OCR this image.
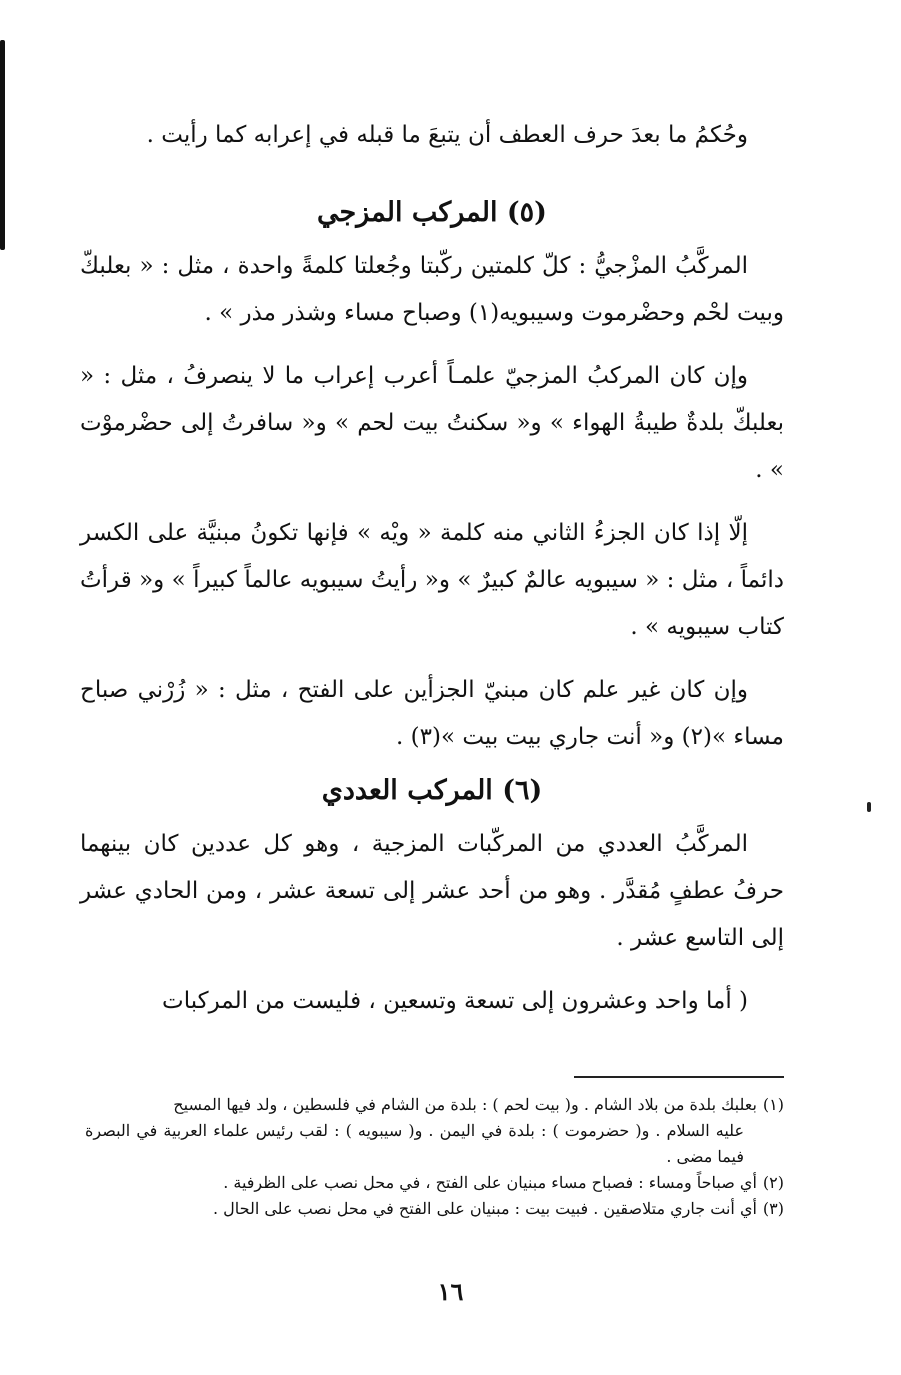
وحُكمُ ما بعدَ حرف العطف أن يتبعَ ما قبله في إعرابه كما رأيت .

(٥) المركب المزجي

المركَّبُ المزْجيُّ : كلّ كلمتين ركّبتا وجُعلتا كلمةً واحدة ، مثل : « بعلبكّ وبيت لحْم وحضْرموت وسيبويه(١) وصباح مساء وشذر مذر » .

وإن كان المركبُ المزجيّ علمـاً أعرب إعراب ما لا ينصرفُ ، مثل : « بعلبكّ بلدةٌ طيبةُ الهواء » و« سكنتُ بيت لحم » و« سافرتُ إلى حضْرموْت » .

إلّا إذا كان الجزءُ الثاني منه كلمة « ويْه » فإنها تكونُ مبنيَّة على الكسر دائماً ، مثل : « سيبويه عالمٌ كبيرٌ » و« رأيتُ سيبويه عالماً كبيراً » و« قرأتُ كتاب سيبويه » .

وإن كان غير علم كان مبنيّ الجزأين على الفتح ، مثل : « زُرْني صباح مساء »(٢) و« أنت جاري بيت بيت »(٣) .

(٦) المركب العددي

المركَّبُ العددي من المركّبات المزجية ، وهو كل عددين كان بينهما حرفُ عطفٍ مُقدَّر . وهو من أحد عشر إلى تسعة عشر ، ومن الحادي عشر إلى التاسع عشر .

( أما واحد وعشرون إلى تسعة وتسعين ، فليست من المركبات

(١)بعلبك بلدة من بلاد الشام . و( بيت لحم ) : بلدة من الشام في فلسطين ، ولد فيها المسيح

عليه السلام . و( حضرموت ) : بلدة في اليمن . و( سيبويه ) : لقب رئيس علماء العربية في البصرة فيما مضى .

(٢)أي صباحاً ومساء : فصباح مساء مبنيان على الفتح ، في محل نصب على الظرفية .

(٣)أي أنت جاري متلاصقين . فبيت بيت : مبنيان على الفتح في محل نصب على الحال .

١٦
